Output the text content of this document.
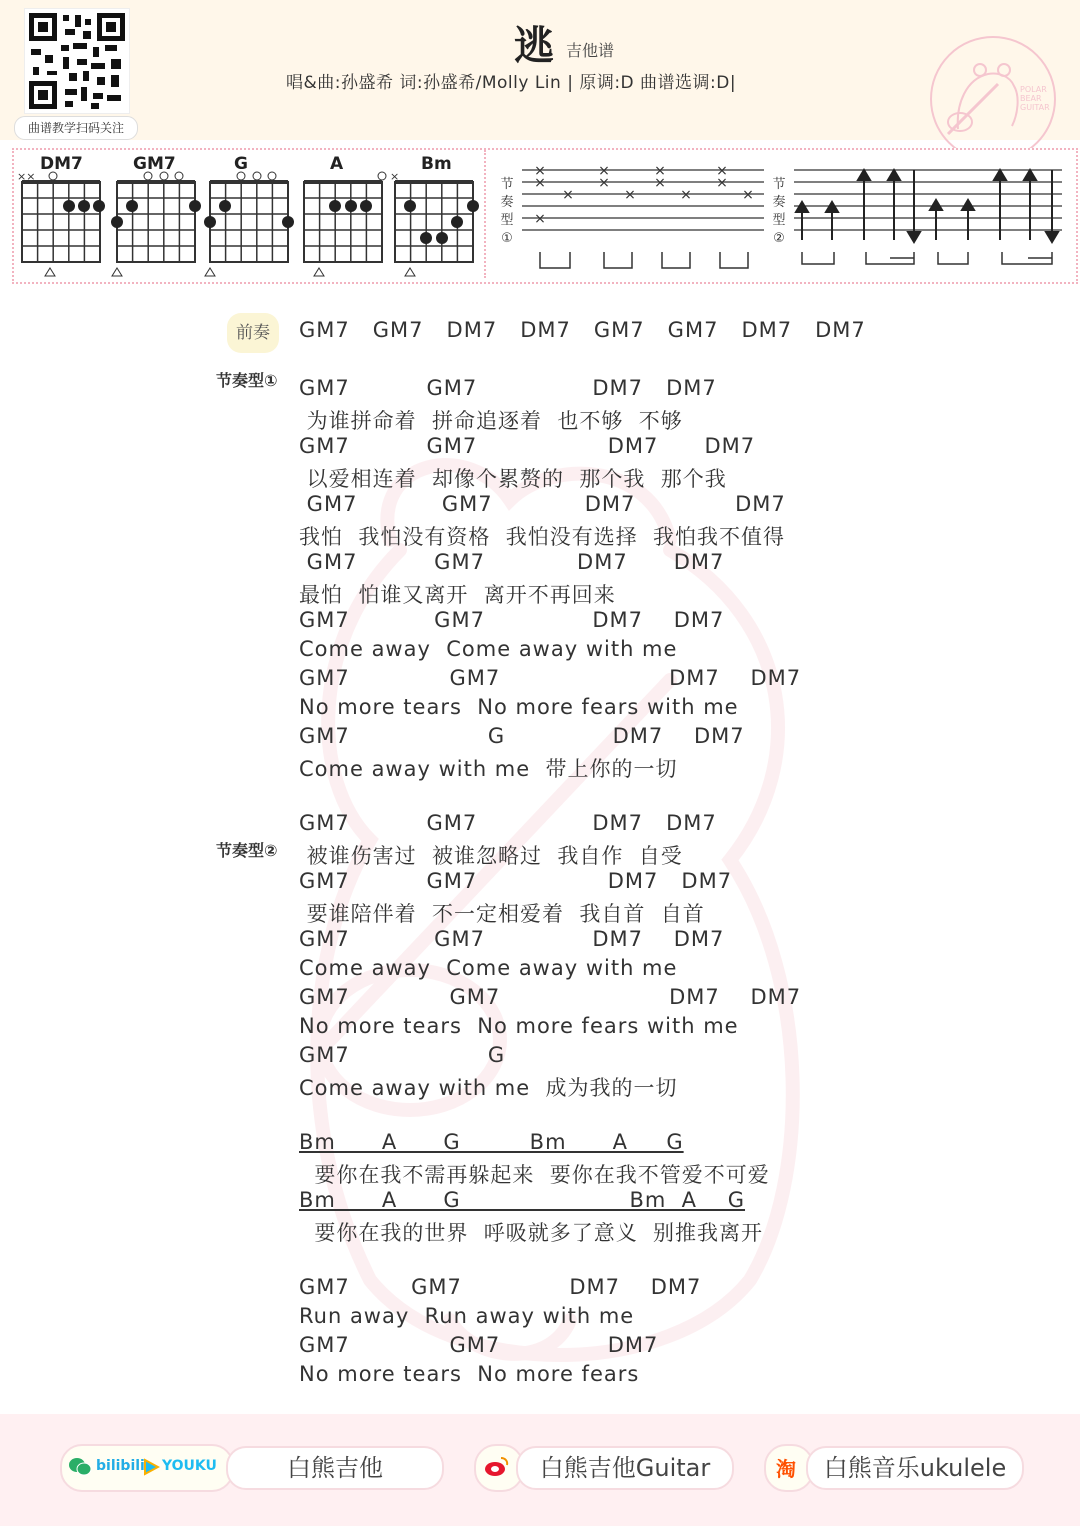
曲谱教学扫码关注
逃 吉他谱
唱&曲:孙盛希 词:孙盛希/Molly Lin | 原调:D 曲谱选调:D|	POLAR
BEAR
GUITAR
DM7	GM7	G	A	Bm
××	×
节
奏
型
①
×
×
×
×
×
×
×
×
×
×
×
×
×
节
奏
型
②
前奏
节奏型①
节奏型②
GM7   GM7   DM7   DM7   GM7   GM7   DM7   DM7
GM7          GM7               DM7   DM7
为谁拼命着  拼命追逐着  也不够  不够
GM7          GM7                 DM7      DM7
以爱相连着  却像个累赘的  那个我  那个我
GM7           GM7            DM7             DM7
我怕  我怕没有资格  我怕没有选择  我怕我不值得
GM7          GM7            DM7      DM7
最怕  怕谁又离开  离开不再回来
GM7           GM7              DM7    DM7
Come away  Come away with me
GM7             GM7                      DM7    DM7
No more tears  No more fears with me
GM7                  G              DM7    DM7
Come away with me  带上你的一切
GM7          GM7               DM7   DM7
被谁伤害过  被谁忽略过  我自作  自受
GM7          GM7                 DM7   DM7
要谁陪伴着  不一定相爱着  我自首  自首
GM7           GM7              DM7    DM7
Come away  Come away with me
GM7             GM7                      DM7    DM7
No more tears  No more fears with me
GM7                  G
Come away with me  成为我的一切
Bm      A      G         Bm      A     G
要你在我不需再躲起来  要你在我不管爱不可爱
Bm      A      G                      Bm  A    G
要你在我的世界  呼吸就多了意义  别推我离开
GM7        GM7              DM7    DM7
Run away  Run away with me
GM7             GM7              DM7
No more tears  No more fears
bilibili YOUKU	白熊吉他	白熊吉他Guitar	淘	白熊音乐ukulele
